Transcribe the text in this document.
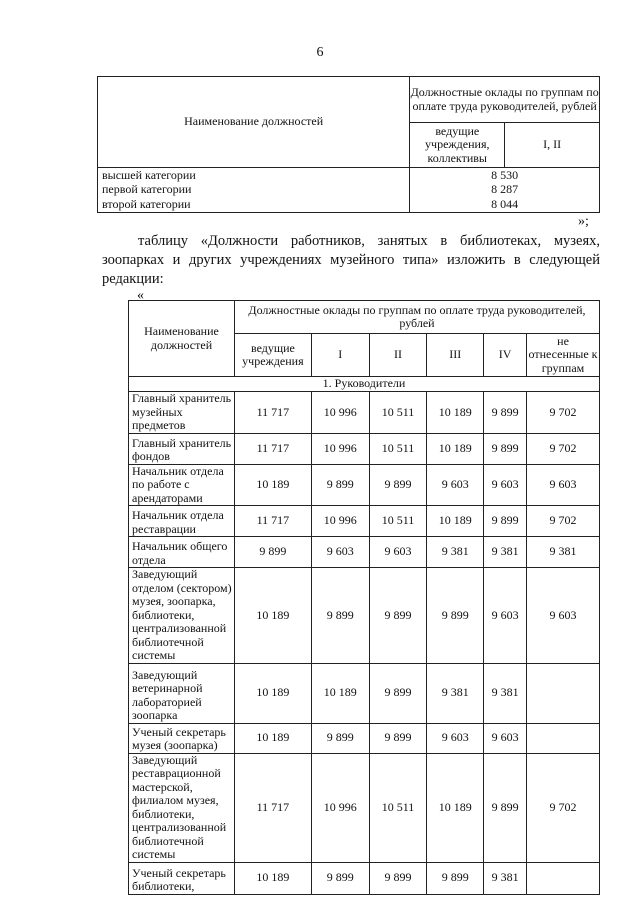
6
Наименование должностей	Должностные оклады по группам по оплате труда руководителей, рублей	
	ведущие учреждения, коллективы	I, II
высшей категории	8 530	
первой категории	8 287	
второй категории	8 044	
»;
таблицу «Должности работников, занятых в библиотеках, музеях, зоопарках и других учреждениях музейного типа» изложить в следующей редакции:
«
Наименование должностей	Должностные оклады по группам по оплате труда руководителей, рублей					
	ведущие учреждения	I	II	III	IV	не отнесенные к группам
1. Руководители						
Главный хранитель музейных предметов	11 717	10 996	10 511	10 189	9 899	9 702
Главный хранитель фондов	11 717	10 996	10 511	10 189	9 899	9 702
Начальник отдела по работе с арендаторами	10 189	9 899	9 899	9 603	9 603	9 603
Начальник отдела реставрации	11 717	10 996	10 511	10 189	9 899	9 702
Начальник общего отдела	9 899	9 603	9 603	9 381	9 381	9 381
Заведующий отделом (сектором) музея, зоопарка, библиотеки, централизованной библиотечной системы	10 189	9 899	9 899	9 899	9 603	9 603
Заведующий ветеринарной лабораторией зоопарка	10 189	10 189	9 899	9 381	9 381	
Ученый секретарь музея (зоопарка)	10 189	9 899	9 899	9 603	9 603	
Заведующий реставрационной мастерской, филиалом музея, библиотеки, централизованной библиотечной системы	11 717	10 996	10 511	10 189	9 899	9 702
Ученый секретарь библиотеки,	10 189	9 899	9 899	9 899	9 381	
